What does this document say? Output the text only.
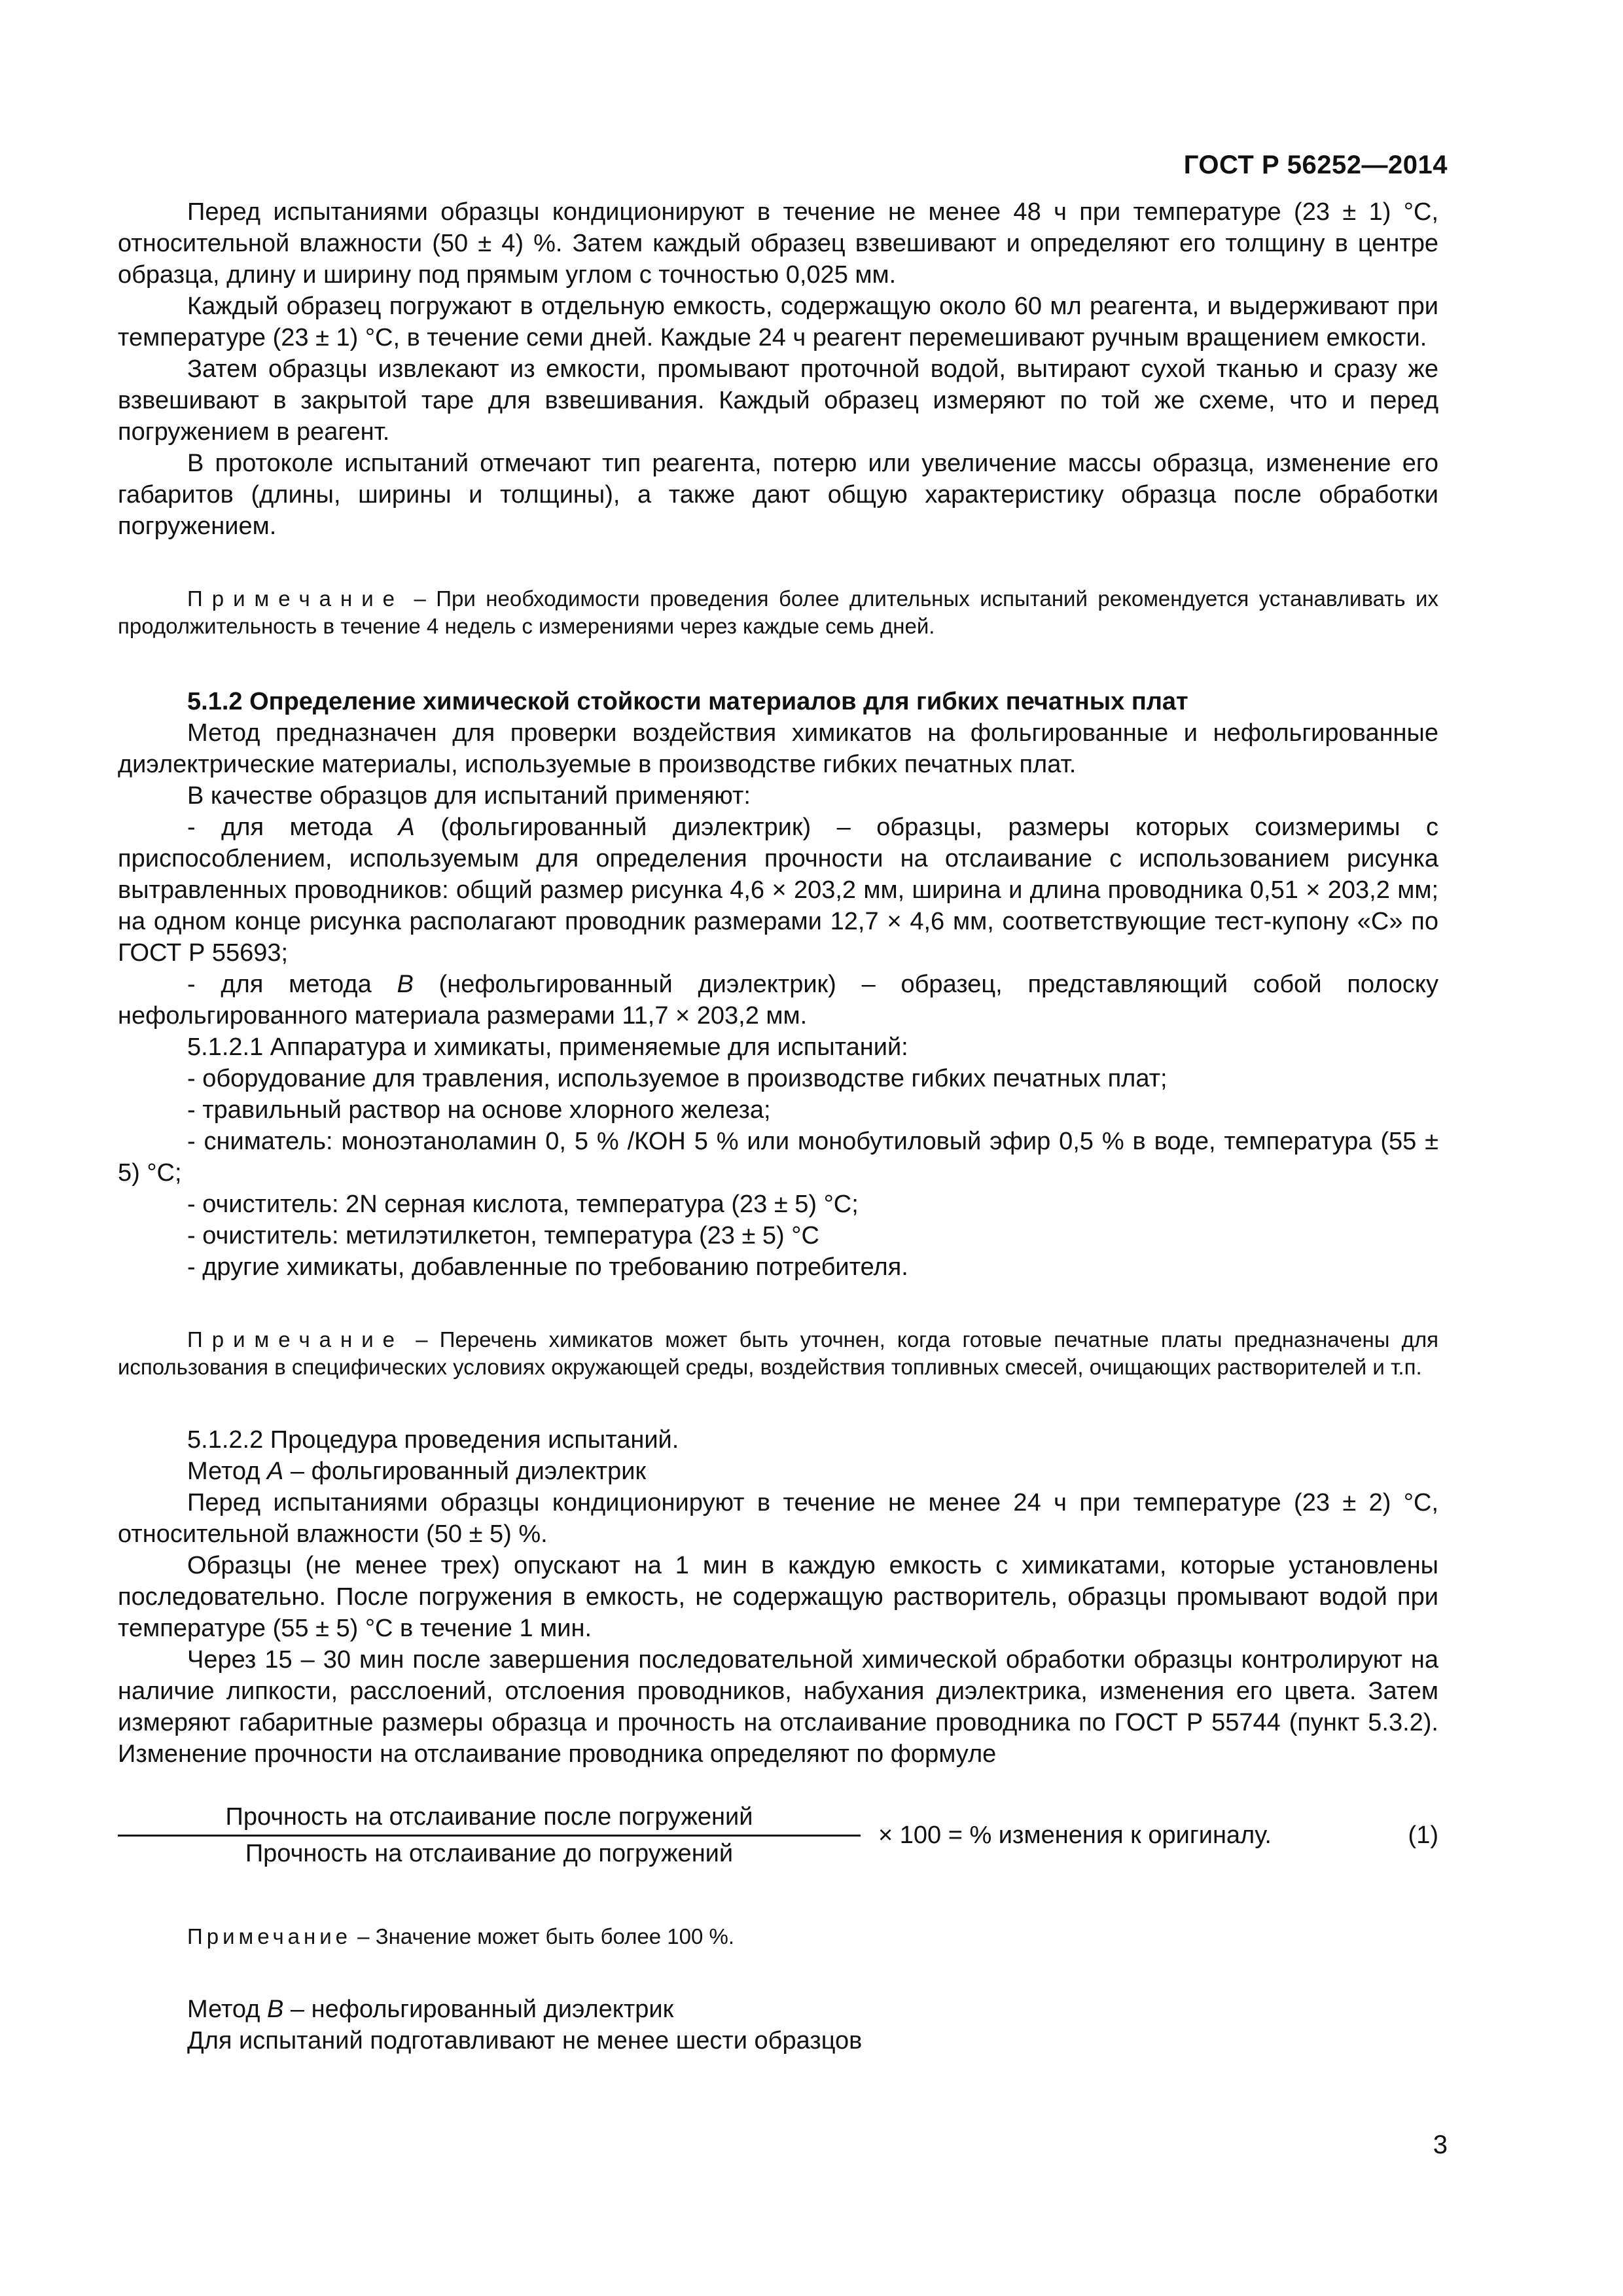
ГОСТ Р 56252—2014

Перед испытаниями образцы кондиционируют в течение не менее 48 ч при температуре (23 ± 1) °С, относительной влажности (50 ± 4) %. Затем каждый образец взвешивают и определяют его толщину в центре образца, длину и ширину под прямым углом с точностью 0,025 мм.

Каждый образец погружают в отдельную емкость, содержащую около 60 мл реагента, и выдерживают при температуре (23 ± 1) °С, в течение семи дней. Каждые 24 ч реагент перемешивают ручным вращением емкости.

Затем образцы извлекают из емкости, промывают проточной водой, вытирают сухой тканью и сразу же взвешивают в закрытой таре для взвешивания. Каждый образец измеряют по той же схеме, что и перед погружением в реагент.

В протоколе испытаний отмечают тип реагента, потерю или увеличение массы образца, изменение его габаритов (длины, ширины и толщины), а также дают общую характеристику образца после обработки погружением.

Примечание – При необходимости проведения более длительных испытаний рекомендуется устанавливать их продолжительность в течение 4 недель с измерениями через каждые семь дней.

5.1.2 Определение химической стойкости материалов для гибких печатных плат

Метод предназначен для проверки воздействия химикатов на фольгированные и нефольгированные диэлектрические материалы, используемые в производстве гибких печатных плат.

В качестве образцов для испытаний применяют:

- для метода А (фольгированный диэлектрик) – образцы, размеры которых соизмеримы с приспособлением, используемым для определения прочности на отслаивание с использованием рисунка вытравленных проводников: общий размер рисунка 4,6 × 203,2 мм, ширина и длина проводника 0,51 × 203,2 мм; на одном конце рисунка располагают проводник размерами 12,7 × 4,6 мм, соответствующие тест-купону «С» по ГОСТ Р 55693;

- для метода В (нефольгированный диэлектрик) – образец, представляющий собой полоску нефольгированного материала размерами 11,7 × 203,2 мм.

5.1.2.1 Аппаратура и химикаты, применяемые для испытаний:

- оборудование для травления, используемое в производстве гибких печатных плат;

- травильный раствор на основе хлорного железа;

- сниматель: моноэтаноламин 0, 5 % /КОН 5 % или монобутиловый эфир 0,5 % в воде, температура (55 ± 5) °С;

- очиститель: 2N серная кислота, температура (23 ± 5) °С;

- очиститель: метилэтилкетон, температура (23 ± 5) °С

- другие химикаты, добавленные по требованию потребителя.

Примечание – Перечень химикатов может быть уточнен, когда готовые печатные платы предназначены для использования в специфических условиях окружающей среды, воздействия топливных смесей, очищающих растворителей и т.п.

5.1.2.2 Процедура проведения испытаний.

Метод А – фольгированный диэлектрик

Перед испытаниями образцы кондиционируют в течение не менее 24 ч при температуре (23 ± 2) °С, относительной влажности (50 ± 5) %.

Образцы (не менее трех) опускают на 1 мин в каждую емкость с химикатами, которые установлены последовательно. После погружения в емкость, не содержащую растворитель, образцы промывают водой при температуре (55 ± 5) °С в течение 1 мин.

Через 15 – 30 мин после завершения последовательной химической обработки образцы контролируют на наличие липкости, расслоений, отслоения проводников, набухания диэлектрика, изменения его цвета. Затем измеряют габаритные размеры образца и прочность на отслаивание проводника по ГОСТ Р 55744 (пункт 5.3.2). Изменение прочности на отслаивание проводника определяют по формуле

Прочность на отслаивание после погружений
Прочность на отслаивание до погружений
× 100 = % изменения к оригиналу.	(1)

Примечание – Значение может быть более 100 %.

Метод В – нефольгированный диэлектрик

Для испытаний подготавливают не менее шести образцов

3
